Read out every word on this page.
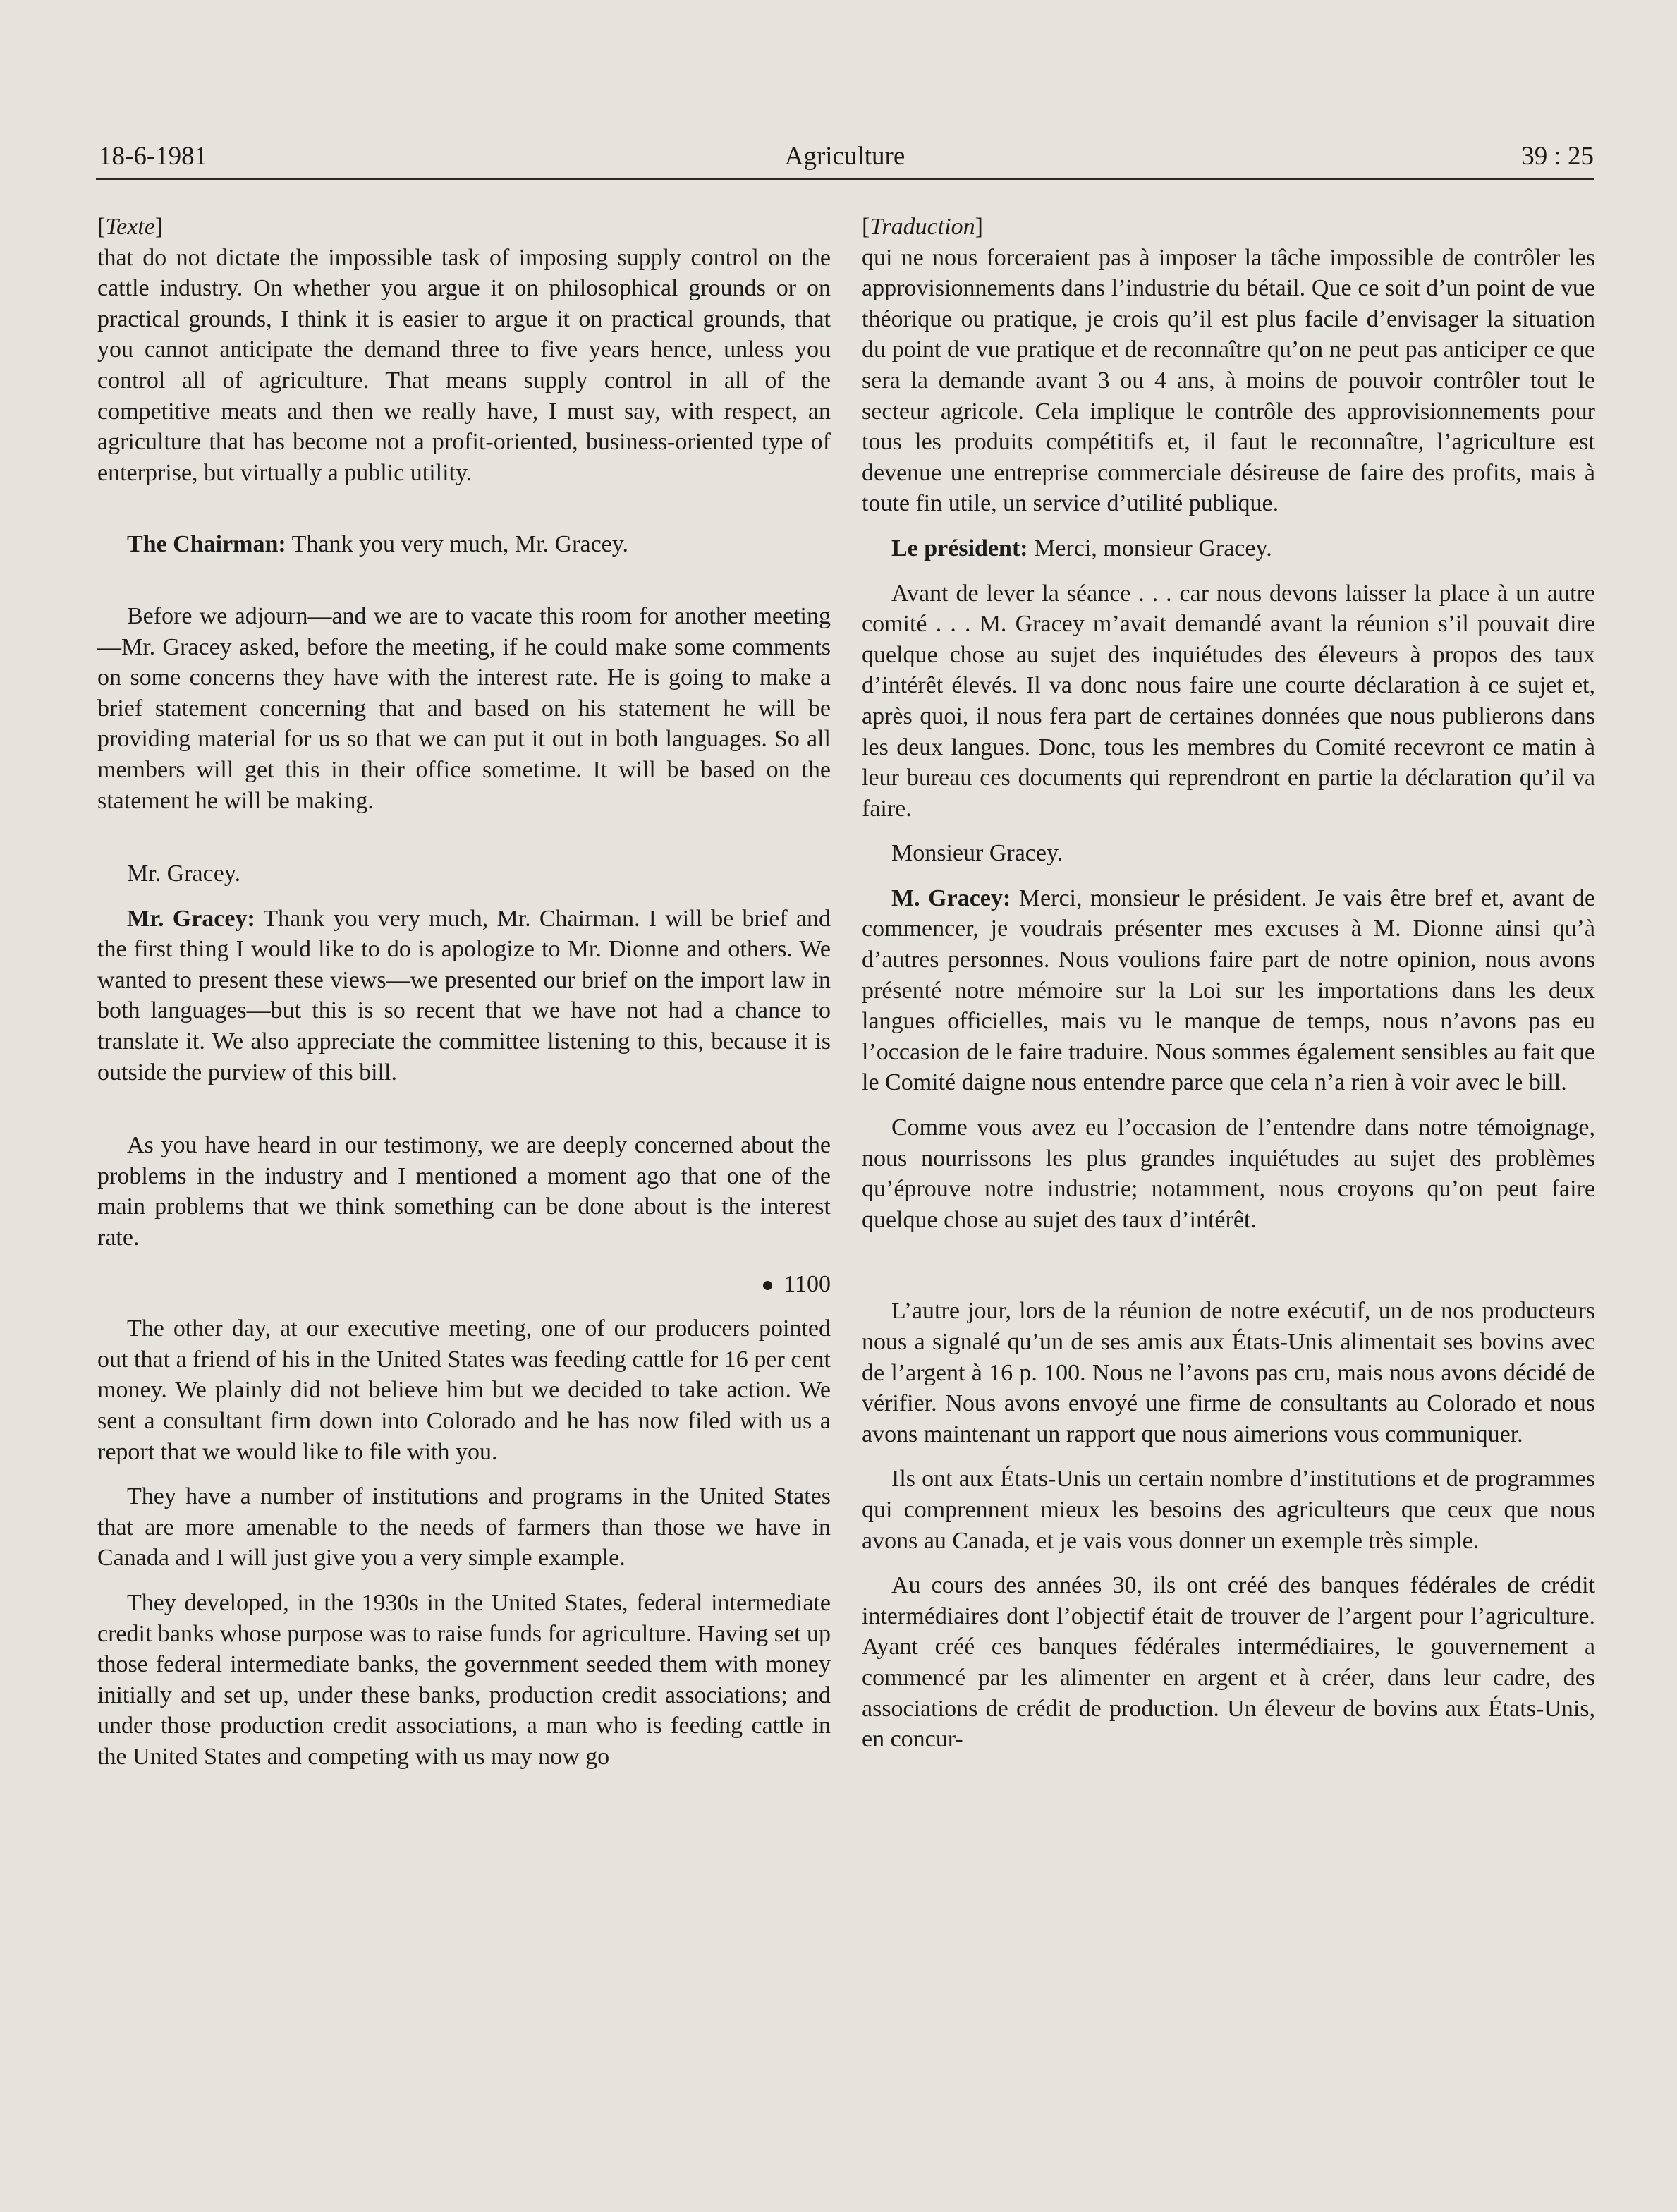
18-6-1981	Agriculture	39 : 25

[Texte]

that do not dictate the impossible task of imposing supply control on the cattle industry. On whether you argue it on philosophical grounds or on practical grounds, I think it is easier to argue it on practical grounds, that you cannot anticipate the demand three to five years hence, unless you control all of agriculture. That means supply control in all of the competitive meats and then we really have, I must say, with respect, an agriculture that has become not a profit-oriented, business-oriented type of enterprise, but virtually a public utility.

The Chairman: Thank you very much, Mr. Gracey.

Before we adjourn—and we are to vacate this room for another meeting—Mr. Gracey asked, before the meeting, if he could make some comments on some concerns they have with the interest rate. He is going to make a brief statement concerning that and based on his statement he will be providing material for us so that we can put it out in both languages. So all members will get this in their office sometime. It will be based on the statement he will be making.

Mr. Gracey.

Mr. Gracey: Thank you very much, Mr. Chairman. I will be brief and the first thing I would like to do is apologize to Mr. Dionne and others. We wanted to present these views—we presented our brief on the import law in both languages—but this is so recent that we have not had a chance to translate it. We also appreciate the committee listening to this, because it is outside the purview of this bill.

As you have heard in our testimony, we are deeply concerned about the problems in the industry and I mentioned a moment ago that one of the main problems that we think something can be done about is the interest rate.

1100

The other day, at our executive meeting, one of our producers pointed out that a friend of his in the United States was feeding cattle for 16 per cent money. We plainly did not believe him but we decided to take action. We sent a consultant firm down into Colorado and he has now filed with us a report that we would like to file with you.

They have a number of institutions and programs in the United States that are more amenable to the needs of farmers than those we have in Canada and I will just give you a very simple example.

They developed, in the 1930s in the United States, federal intermediate credit banks whose purpose was to raise funds for agriculture. Having set up those federal intermediate banks, the government seeded them with money initially and set up, under these banks, production credit associations; and under those production credit associations, a man who is feeding cattle in the United States and competing with us may now go

[Traduction]

qui ne nous forceraient pas à imposer la tâche impossible de contrôler les approvisionnements dans l’industrie du bétail. Que ce soit d’un point de vue théorique ou pratique, je crois qu’il est plus facile d’envisager la situation du point de vue pratique et de reconnaître qu’on ne peut pas anticiper ce que sera la demande avant 3 ou 4 ans, à moins de pouvoir contrôler tout le secteur agricole. Cela implique le contrôle des approvisionnements pour tous les produits compétitifs et, il faut le reconnaître, l’agriculture est devenue une entreprise commerciale désireuse de faire des profits, mais à toute fin utile, un service d’utilité publique.

Le président: Merci, monsieur Gracey.

Avant de lever la séance . . . car nous devons laisser la place à un autre comité . . . M. Gracey m’avait demandé avant la réunion s’il pouvait dire quelque chose au sujet des inquiétudes des éleveurs à propos des taux d’intérêt élevés. Il va donc nous faire une courte déclaration à ce sujet et, après quoi, il nous fera part de certaines données que nous publierons dans les deux langues. Donc, tous les membres du Comité recevront ce matin à leur bureau ces documents qui reprendront en partie la déclaration qu’il va faire.

Monsieur Gracey.

M. Gracey: Merci, monsieur le président. Je vais être bref et, avant de commencer, je voudrais présenter mes excuses à M. Dionne ainsi qu’à d’autres personnes. Nous voulions faire part de notre opinion, nous avons présenté notre mémoire sur la Loi sur les importations dans les deux langues officielles, mais vu le manque de temps, nous n’avons pas eu l’occasion de le faire traduire. Nous sommes également sensibles au fait que le Comité daigne nous entendre parce que cela n’a rien à voir avec le bill.

Comme vous avez eu l’occasion de l’entendre dans notre témoignage, nous nourrissons les plus grandes inquiétudes au sujet des problèmes qu’éprouve notre industrie; notamment, nous croyons qu’on peut faire quelque chose au sujet des taux d’intérêt.

L’autre jour, lors de la réunion de notre exécutif, un de nos producteurs nous a signalé qu’un de ses amis aux États-Unis alimentait ses bovins avec de l’argent à 16 p. 100. Nous ne l’avons pas cru, mais nous avons décidé de vérifier. Nous avons envoyé une firme de consultants au Colorado et nous avons maintenant un rapport que nous aimerions vous communiquer.

Ils ont aux États-Unis un certain nombre d’institutions et de programmes qui comprennent mieux les besoins des agriculteurs que ceux que nous avons au Canada, et je vais vous donner un exemple très simple.

Au cours des années 30, ils ont créé des banques fédérales de crédit intermédiaires dont l’objectif était de trouver de l’argent pour l’agriculture. Ayant créé ces banques fédérales intermédiaires, le gouvernement a commencé par les alimenter en argent et à créer, dans leur cadre, des associations de crédit de production. Un éleveur de bovins aux États-Unis, en concur-
